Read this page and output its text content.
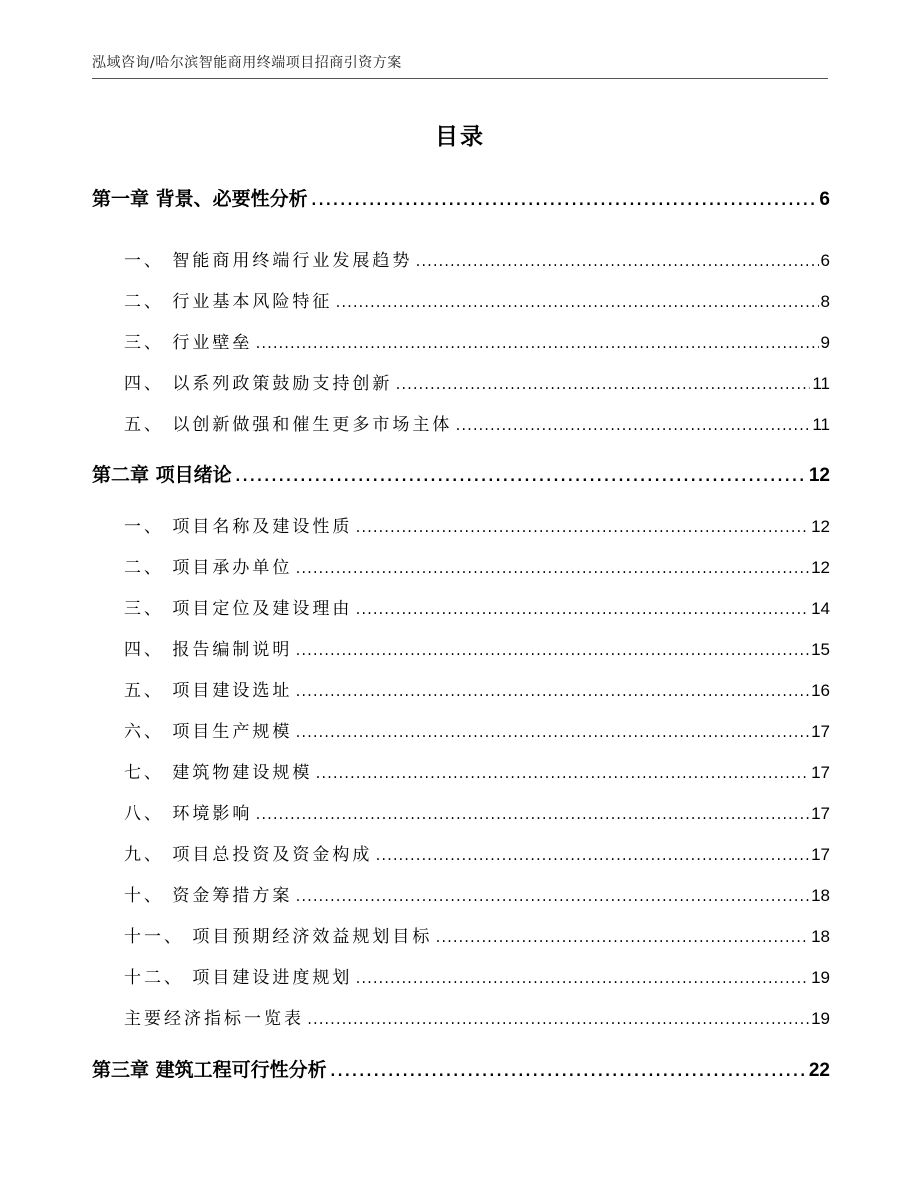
泓域咨询/哈尔滨智能商用终端项目招商引资方案
目录
第一章 背景、必要性分析 .....	6
一、 智能商用终端行业发展趋势 .....	6
二、 行业基本风险特征 .....	8
三、 行业壁垒 .....	9
四、 以系列政策鼓励支持创新 .....	11
五、 以创新做强和催生更多市场主体 .....	11
第二章 项目绪论 .....	12
一、 项目名称及建设性质 .....	12
二、 项目承办单位 .....	12
三、 项目定位及建设理由 .....	14
四、 报告编制说明 .....	15
五、 项目建设选址 .....	16
六、 项目生产规模 .....	17
七、 建筑物建设规模 .....	17
八、 环境影响 .....	17
九、 项目总投资及资金构成 .....	17
十、 资金筹措方案 .....	18
十一、 项目预期经济效益规划目标 .....	18
十二、 项目建设进度规划 .....	19
主要经济指标一览表 .....	19
第三章 建筑工程可行性分析 .....	22
